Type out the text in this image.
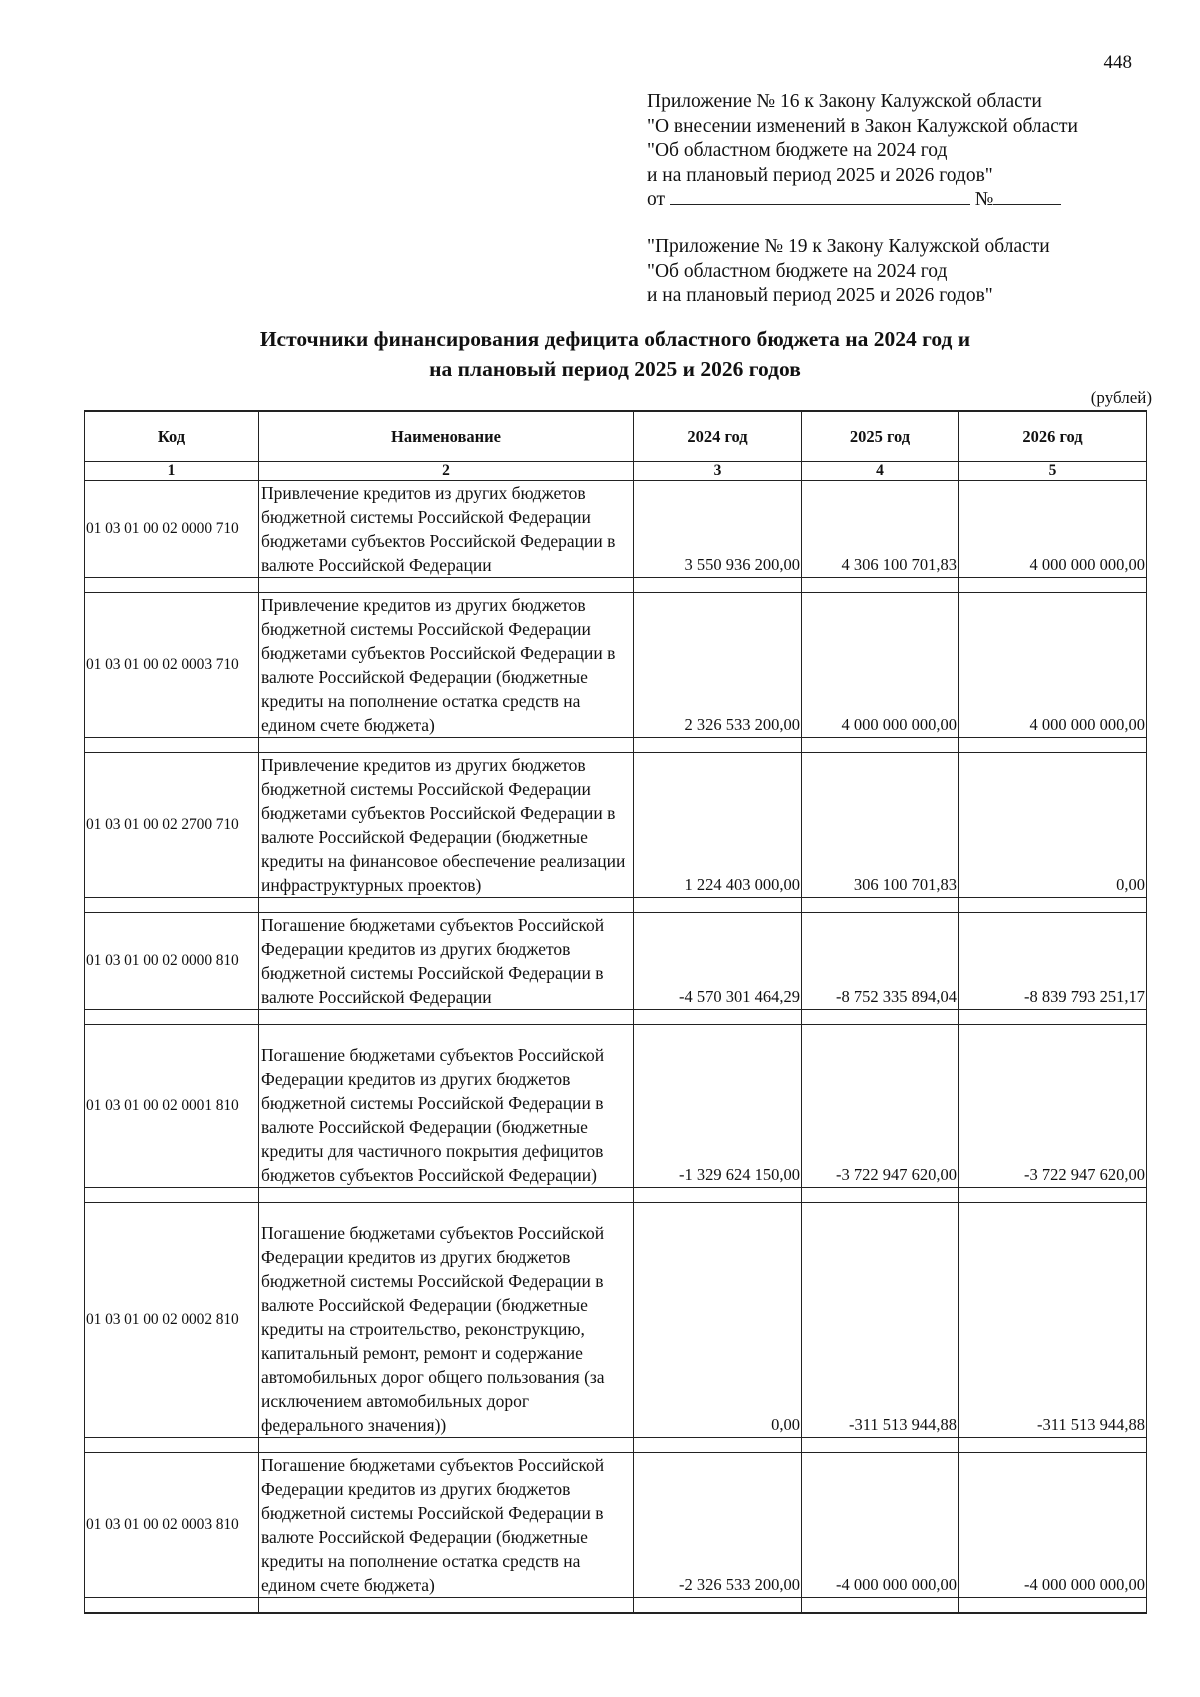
448
Приложение № 16 к Закону Калужской области
"О внесении изменений в Закон Калужской области
"Об областном бюджете на 2024 год
и на плановый период 2025 и 2026 годов"
от	№
"Приложение № 19 к Закону Калужской области
"Об областном бюджете на 2024 год
и на плановый период 2025 и 2026 годов"
Источники финансирования дефицита областного бюджета на 2024 год и
на плановый период 2025 и 2026 годов
(рублей)
Код	Наименование	2024 год	2025 год	2026 год
1	2	3	4	5
01 03 01 00 02 0000 710	Привлечение кредитов из других бюджетов бюджетной системы Российской Федерации бюджетами субъектов Российской Федерации в валюте Российской Федерации	3 550 936 200,00	4 306 100 701,83	4 000 000 000,00

01 03 01 00 02 0003 710	Привлечение кредитов из других бюджетов бюджетной системы Российской Федерации бюджетами субъектов Российской Федерации в валюте Российской Федерации (бюджетные кредиты на пополнение остатка средств на едином счете бюджета)	2 326 533 200,00	4 000 000 000,00	4 000 000 000,00

01 03 01 00 02 2700 710	Привлечение кредитов из других бюджетов бюджетной системы Российской Федерации бюджетами субъектов Российской Федерации в валюте Российской Федерации (бюджетные кредиты на финансовое обеспечение реализации инфраструктурных проектов)	1 224 403 000,00	306 100 701,83	0,00

01 03 01 00 02 0000 810	Погашение бюджетами субъектов Российской Федерации кредитов из других бюджетов бюджетной системы Российской Федерации в валюте Российской Федерации	-4 570 301 464,29	-8 752 335 894,04	-8 839 793 251,17

01 03 01 00 02 0001 810	Погашение бюджетами субъектов Российской Федерации кредитов из других бюджетов бюджетной системы Российской Федерации в валюте Российской Федерации (бюджетные кредиты для частичного покрытия дефицитов бюджетов субъектов Российской Федерации)	-1 329 624 150,00	-3 722 947 620,00	-3 722 947 620,00

01 03 01 00 02 0002 810	Погашение бюджетами субъектов Российской Федерации кредитов из других бюджетов бюджетной системы Российской Федерации в валюте Российской Федерации (бюджетные кредиты на строительство, реконструкцию, капитальный ремонт, ремонт и содержание автомобильных дорог общего пользования (за исключением автомобильных дорог федерального значения))	0,00	-311 513 944,88	-311 513 944,88

01 03 01 00 02 0003 810	Погашение бюджетами субъектов Российской Федерации кредитов из других бюджетов бюджетной системы Российской Федерации в валюте Российской Федерации (бюджетные кредиты на пополнение остатка средств на едином счете бюджета)	-2 326 533 200,00	-4 000 000 000,00	-4 000 000 000,00
